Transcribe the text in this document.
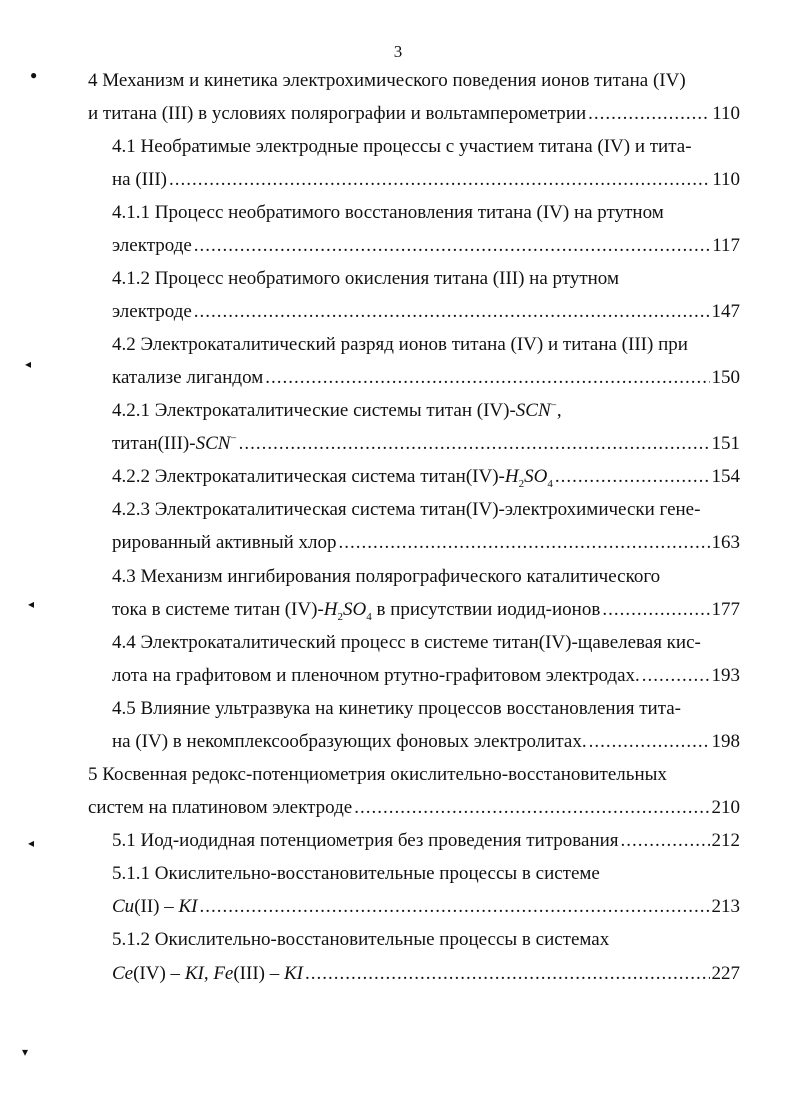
3
4 Механизм и кинетика электрохимического поведения ионов титана (IV)
и титана (III) в условиях полярографии и вольтамперометрии .....	110
4.1 Необратимые электродные процессы с участием титана (IV) и тита-
на (III) .....	110
4.1.1 Процесс необратимого восстановления титана (IV) на ртутном
электроде .....	117
4.1.2 Процесс необратимого окисления титана (III) на ртутном
электроде .....	147
4.2 Электрокаталитический разряд ионов титана (IV) и титана (III) при
катализе лигандом .....	150
4.2.1 Электрокаталитические системы титан (IV)-SCN−,
титан(III)-SCN− .....	151
4.2.2 Электрокаталитическая система $титан(IV)-H_2SO_4$ .....	154
4.2.3 Электрокаталитическая система титан(IV)-электрохимически гене-
рированный активный хлор .....	163
4.3 Механизм ингибирования полярографического каталитического
тока в системе титан $(IV)-H_2SO_4$ в присутствии иодид-ионов .....	177
4.4 Электрокаталитический процесс в системе титан(IV)-щавелевая кис-
лота на графитовом и пленочном ртутно-графитовом электродах. .....	193
4.5 Влияние ультразвука на кинетику процессов восстановления тита-
на (IV) в некомплексообразующих фоновых электролитах. .....	198
5 Косвенная редокс-потенциометрия окислительно-восстановительных
систем на платиновом электроде .....	210
5.1 Иод-иодидная потенциометрия без проведения титрования .....	212
5.1.1 Окислительно-восстановительные процессы в системе
Cu(II) – KI .....	213
5.1.2 Окислительно-восстановительные процессы в системах
Ce(IV) – KI, Fe(III) – KI .....	227
●
◂
◂
◂
▾
